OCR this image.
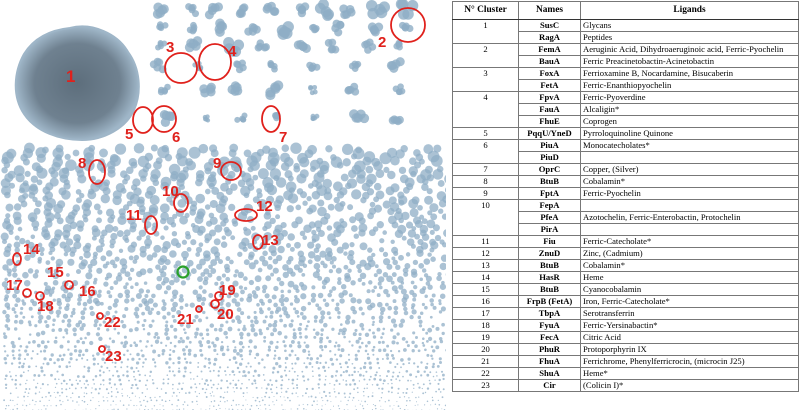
1
2
3	4
5	6	7
8	9
10
11
12
13
14
15
16
17
18
19
20
21
22
23
N° Cluster	Names	Ligands
1	SusC	Glycans
	RagA	Peptides
2	FemA	Aeruginic Acid, Dihydroaeruginoic acid, Ferric-Pyochelin
	BauA	Ferric Preacinetobactin-Acinetobactin
3	FoxA	Ferrioxamine B, Nocardamine, Bisucaberin
	FetA	Ferric-Enanthiopyochelin
4	FpvA	Ferric-Pyoverdine
	FauA	Alcaligin*
	FhuE	Coprogen
5	PqqU/YneD	Pyrroloquinoline Quinone
6	PiuA	Monocatecholates*
	PiuD	
7	OprC	Copper, (Silver)
8	BtuB	Cobalamin*
9	FptA	Ferric-Pyochelin
10	FepA	
	PfeA	Azotochelin, Ferric-Enterobactin, Protochelin
	PirA	
11	Fiu	Ferric-Catecholate*
12	ZnuD	Zinc, (Cadmium)
13	BtuB	Cobalamin*
14	HasR	Heme
15	BtuB	Cyanocobalamin
16	FrpB (FetA)	Iron, Ferric-Catecholate*
17	TbpA	Serotransferrin
18	FyuA	Ferric-Yersinabactin*
19	FecA	Citric Acid
20	PhuR	Protoporphyrin IX
21	FhuA	Ferrichrome, Phenylferricrocin, (microcin J25)
22	ShuA	Heme*
23	Cir	(Colicin I)*
